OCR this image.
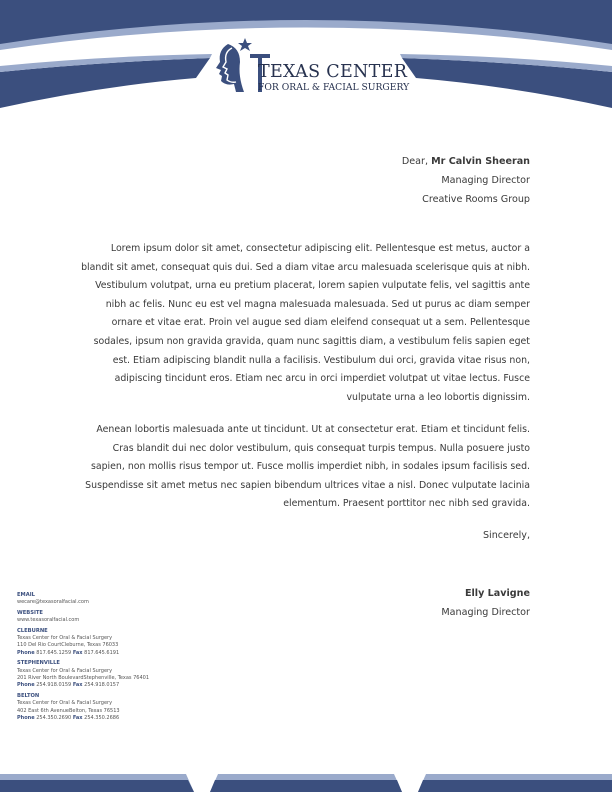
TEXAS CENTER
FOR ORAL & FACIAL SURGERY
Dear, Mr Calvin Sheeran
Managing Director
Creative Rooms Group
Lorem ipsum dolor sit amet, consectetur adipiscing elit. Pellentesque est metus, auctor a blandit sit amet, consequat quis dui. Sed a diam vitae arcu malesuada scelerisque quis at nibh. Vestibulum volutpat, urna eu pretium placerat, lorem sapien vulputate felis, vel sagittis ante nibh ac felis. Nunc eu est vel magna malesuada malesuada. Sed ut purus ac diam semper ornare et vitae erat. Proin vel augue sed diam eleifend consequat ut a sem. Pellentesque sodales, ipsum non gravida gravida, quam nunc sagittis diam, a vestibulum felis sapien eget est. Etiam adipiscing blandit nulla a facilisis. Vestibulum dui orci, gravida vitae risus non, adipiscing tincidunt eros. Etiam nec arcu in orci imperdiet volutpat ut vitae lectus. Fusce vulputate urna a leo lobortis dignissim.
Aenean lobortis malesuada ante ut tincidunt. Ut at consectetur erat. Etiam et tincidunt felis. Cras blandit dui nec dolor vestibulum, quis consequat turpis tempus. Nulla posuere justo sapien, non mollis risus tempor ut. Fusce mollis imperdiet nibh, in sodales ipsum facilisis sed. Suspendisse sit amet metus nec sapien bibendum ultrices vitae a nisl. Donec vulputate lacinia elementum. Praesent porttitor nec nibh sed gravida.
Sincerely,
Elly Lavigne
Managing Director
EMAIL
wecare@texasoralfacial.com
WEBSITE
www.texasoralfacial.com
CLEBURNE
Texas Center for Oral & Facial Surgery
110 Del Rio CourtCleburne, Texas 76033
Phone 817.645.1259 Fax 817.645.6191
STEPHENVILLE
Texas Center for Oral & Facial Surgery
201 River North BoulevardStephenville, Texas 76401
Phone 254.918.0159 Fax 254.918.0157
BELTON
Texas Center for Oral & Facial Surgery
402 East 6th AvenueBelton, Texas 76513
Phone 254.350.2690 Fax 254.350.2686
